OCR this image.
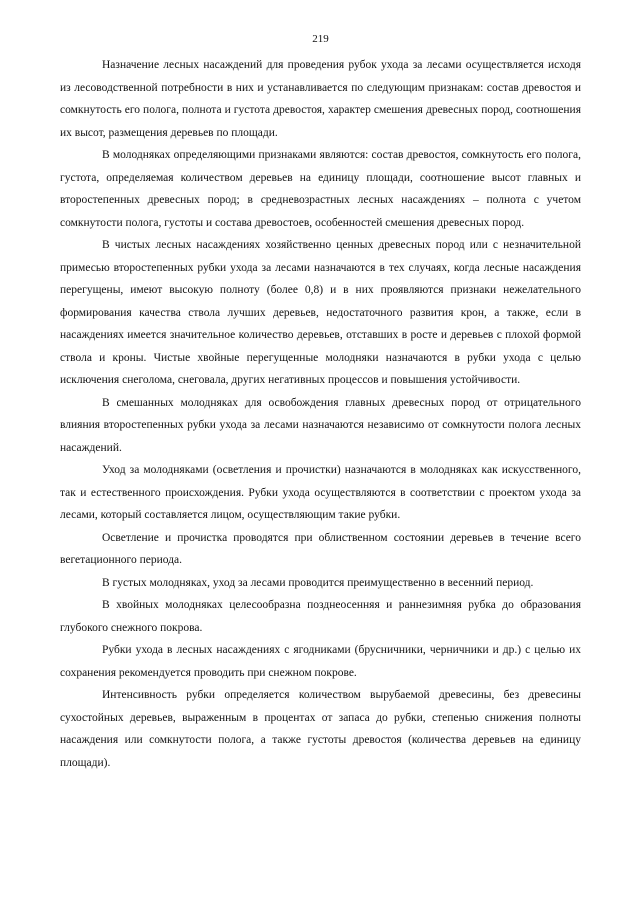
219

Назначение лесных насаждений для проведения рубок ухода за лесами осуществляется исходя из лесоводственной потребности в них и устанавливается по следующим признакам: состав древостоя и сомкнутость его полога, полнота и густота древостоя, характер смешения древесных пород, соотношения их высот, размещения деревьев по площади.

В молодняках определяющими признаками являются: состав древостоя, сомкнутость его полога, густота, определяемая количеством деревьев на единицу площади, соотношение высот главных и второстепенных древесных пород; в средневозрастных лесных насаждениях – полнота с учетом сомкнутости полога, густоты и состава древостоев, особенностей смешения древесных пород.

В чистых лесных насаждениях хозяйственно ценных древесных пород или с незначительной примесью второстепенных рубки ухода за лесами назначаются в тех случаях, когда лесные насаждения перегущены, имеют высокую полноту (более 0,8) и в них проявляются признаки нежелательного формирования качества ствола лучших деревьев, недостаточного развития крон, а также, если в насаждениях имеется значительное количество деревьев, отставших в росте и деревьев с плохой формой ствола и кроны. Чистые хвойные перегущенные молодняки назначаются в рубки ухода с целью исключения снеголома, снеговала, других негативных процессов и повышения устойчивости.

В смешанных молодняках для освобождения главных древесных пород от отрицательного влияния второстепенных рубки ухода за лесами назначаются независимо от сомкнутости полога лесных насаждений.

Уход за молодняками (осветления и прочистки) назначаются в молодняках как искусственного, так и естественного происхождения. Рубки ухода осуществляются в соответствии с проектом ухода за лесами, который составляется лицом, осуществляющим такие рубки.

Осветление и прочистка проводятся при облиственном состоянии деревьев в течение всего вегетационного периода.

В густых молодняках, уход за лесами проводится преимущественно в весенний период.

В хвойных молодняках целесообразна позднеосенняя и раннезимняя рубка до образования глубокого снежного покрова.

Рубки ухода в лесных насаждениях с ягодниками (брусничники, черничники и др.) с целью их сохранения рекомендуется проводить при снежном покрове.

Интенсивность рубки определяется количеством вырубаемой древесины, без древесины сухостойных деревьев, выраженным в процентах от запаса до рубки, степенью снижения полноты насаждения или сомкнутости полога, а также густоты древостоя (количества деревьев на единицу площади).
